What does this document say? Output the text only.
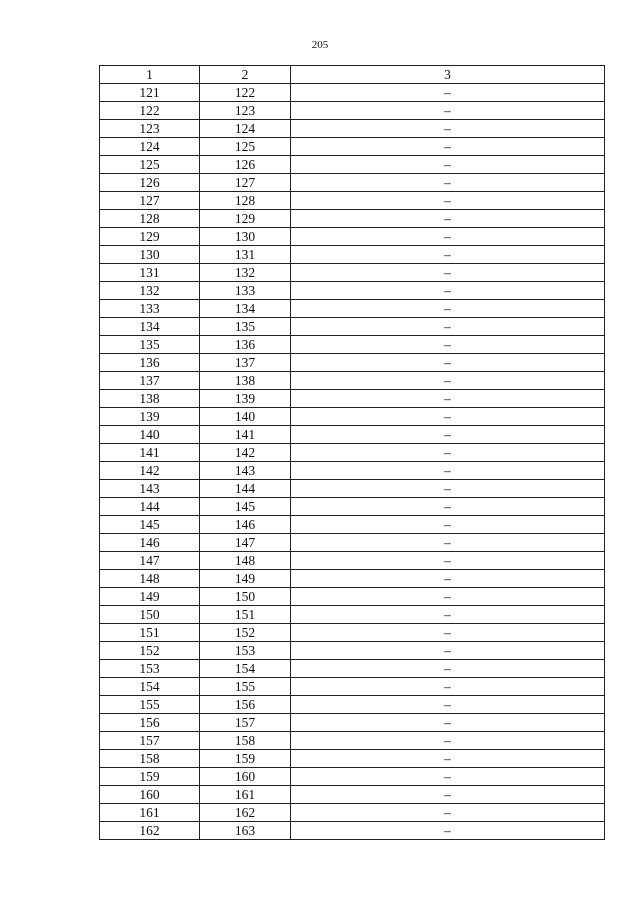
205
1	2	3
121	122	–
122	123	–
123	124	–
124	125	–
125	126	–
126	127	–
127	128	–
128	129	–
129	130	–
130	131	–
131	132	–
132	133	–
133	134	–
134	135	–
135	136	–
136	137	–
137	138	–
138	139	–
139	140	–
140	141	–
141	142	–
142	143	–
143	144	–
144	145	–
145	146	–
146	147	–
147	148	–
148	149	–
149	150	–
150	151	–
151	152	–
152	153	–
153	154	–
154	155	–
155	156	–
156	157	–
157	158	–
158	159	–
159	160	–
160	161	–
161	162	–
162	163	–
